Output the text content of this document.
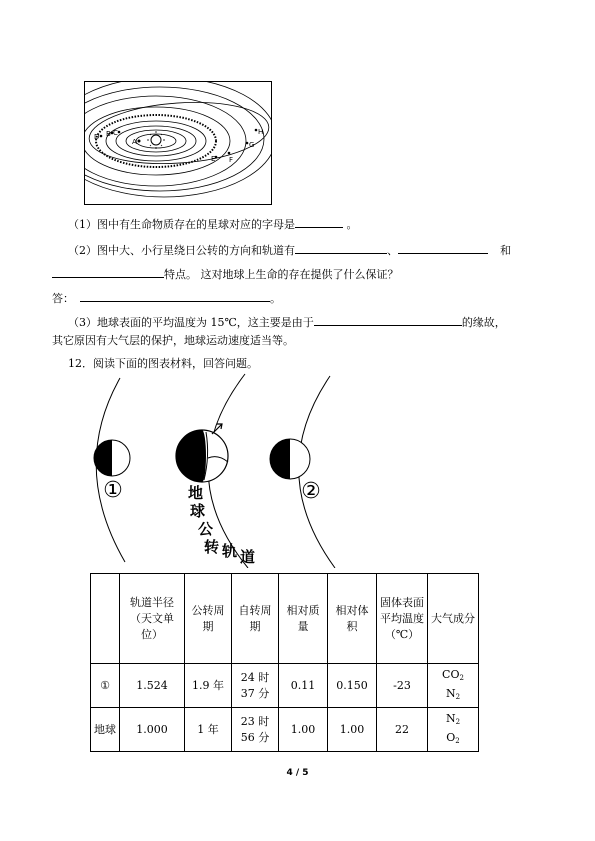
A
B C
D
E F
G
H
（1）图中有生命物质存在的星球对应的字母是	。
（2）图中大、小行星绕日公转的方向和轨道有	、	和
特点。 这对地球上生命的存在提供了什么保证？
答：	。
（3）地球表面的平均温度为 15℃，这主要是由于	的缘故，
其它原因有大气层的保护，地球运动速度适当等。
12．阅读下面的图表材料，回答问题。
①	②
地
球
公
转 轨 道
	轨道半径（天文单位）	公转周期	自转周期	相对质量	相对体积	固体表面平均温度（℃）	大气成分
①	1.524	1.9 年	24 时 37 分	0.11	0.150	-23	$CO_2$
$N_2$
地球	1.000	1 年	23 时 56 分	1.00	1.00	22	$N_2$
$O_2$
4 / 5
